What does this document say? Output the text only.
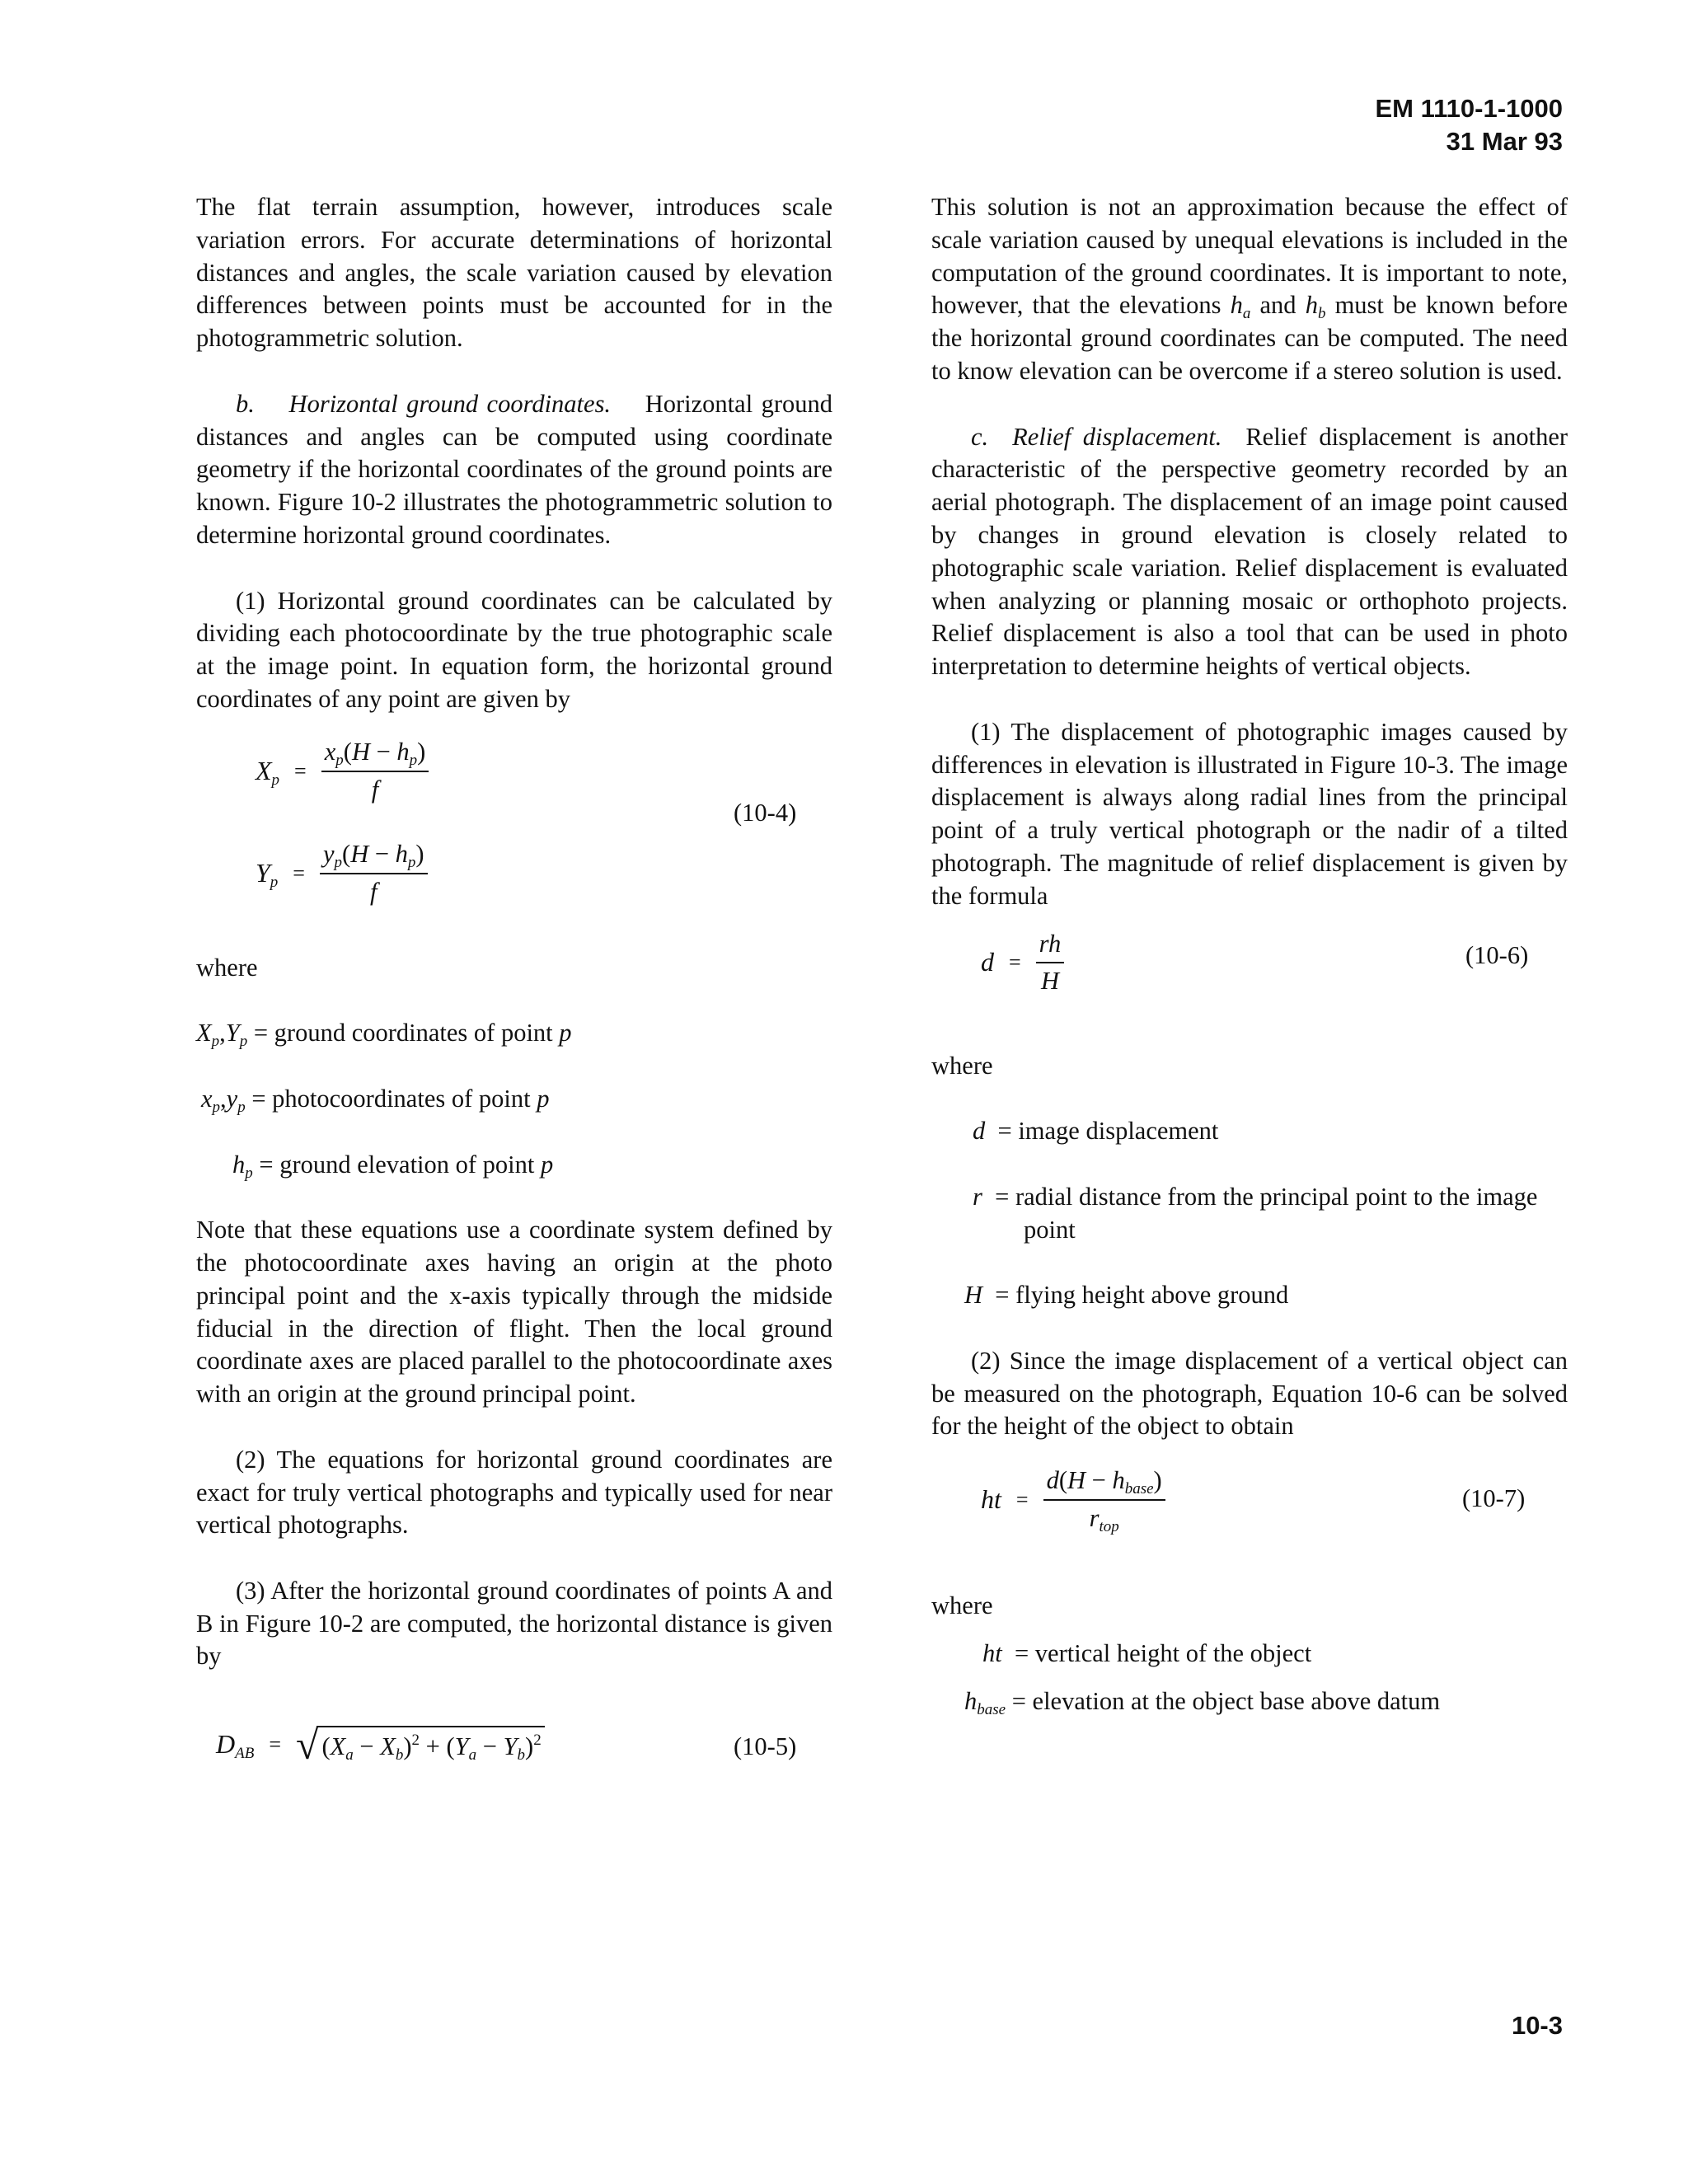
EM 1110-1-1000
31 Mar 93

The flat terrain assumption, however, introduces scale variation errors. For accurate determinations of horizontal distances and angles, the scale variation caused by elevation differences between points must be accounted for in the photogrammetric solution.

b. Horizontal ground coordinates. Horizontal ground distances and angles can be computed using coordinate geometry if the horizontal coordinates of the ground points are known. Figure 10-2 illustrates the photogrammetric solution to determine horizontal ground coordinates.

(1) Horizontal ground coordinates can be calculated by dividing each photocoordinate by the true photographic scale at the image point. In equation form, the horizontal ground coordinates of any point are given by

$X_p = \frac{x_p(H - h_p)}{f}$
$Y_p = \frac{y_p(H - h_p)}{f}$
(10-4)

where

$X_p,Y_p$ = ground coordinates of point p

$x_p,y_p$ = photocoordinates of point p

$h_p$ = ground elevation of point p

Note that these equations use a coordinate system defined by the photocoordinate axes having an origin at the photo principal point and the x-axis typically through the midside fiducial in the direction of flight. Then the local ground coordinate axes are placed parallel to the photocoordinate axes with an origin at the ground principal point.

(2) The equations for horizontal ground coordinates are exact for truly vertical photographs and typically used for near vertical photographs.

(3) After the horizontal ground coordinates of points A and B in Figure 10-2 are computed, the horizontal distance is given by

$D_{AB}$ = √ $(X_a - X_b)^2 + (Y_a - Y_b)^2$	(10-5)

This solution is not an approximation because the effect of scale variation caused by unequal elevations is included in the computation of the ground coordinates. It is important to note, however, that the elevations $h_a$ and $h_b$ must be known before the horizontal ground coordinates can be computed. The need to know elevation can be overcome if a stereo solution is used.

c. Relief displacement. Relief displacement is another characteristic of the perspective geometry recorded by an aerial photograph. The displacement of an image point caused by changes in ground elevation is closely related to photographic scale variation. Relief displacement is evaluated when analyzing or planning mosaic or orthophoto projects. Relief displacement is also a tool that can be used in photo interpretation to determine heights of vertical objects.

(1) The displacement of photographic images caused by differences in elevation is illustrated in Figure 10-3. The image displacement is always along radial lines from the principal point of a truly vertical photograph or the nadir of a tilted photograph. The magnitude of relief displacement is given by the formula

$d = \frac{rh}{H}$	(10-6)

where

d = image displacement

r = radial distance from the principal point to the image point

H = flying height above ground

(2) Since the image displacement of a vertical object can be measured on the photograph, Equation 10-6 can be solved for the height of the object to obtain

ht = $\frac{d(H - h_{base})}{r_{top}}$	(10-7)

where

ht = vertical height of the object

$h_{base}$ = elevation at the object base above datum

10-3
